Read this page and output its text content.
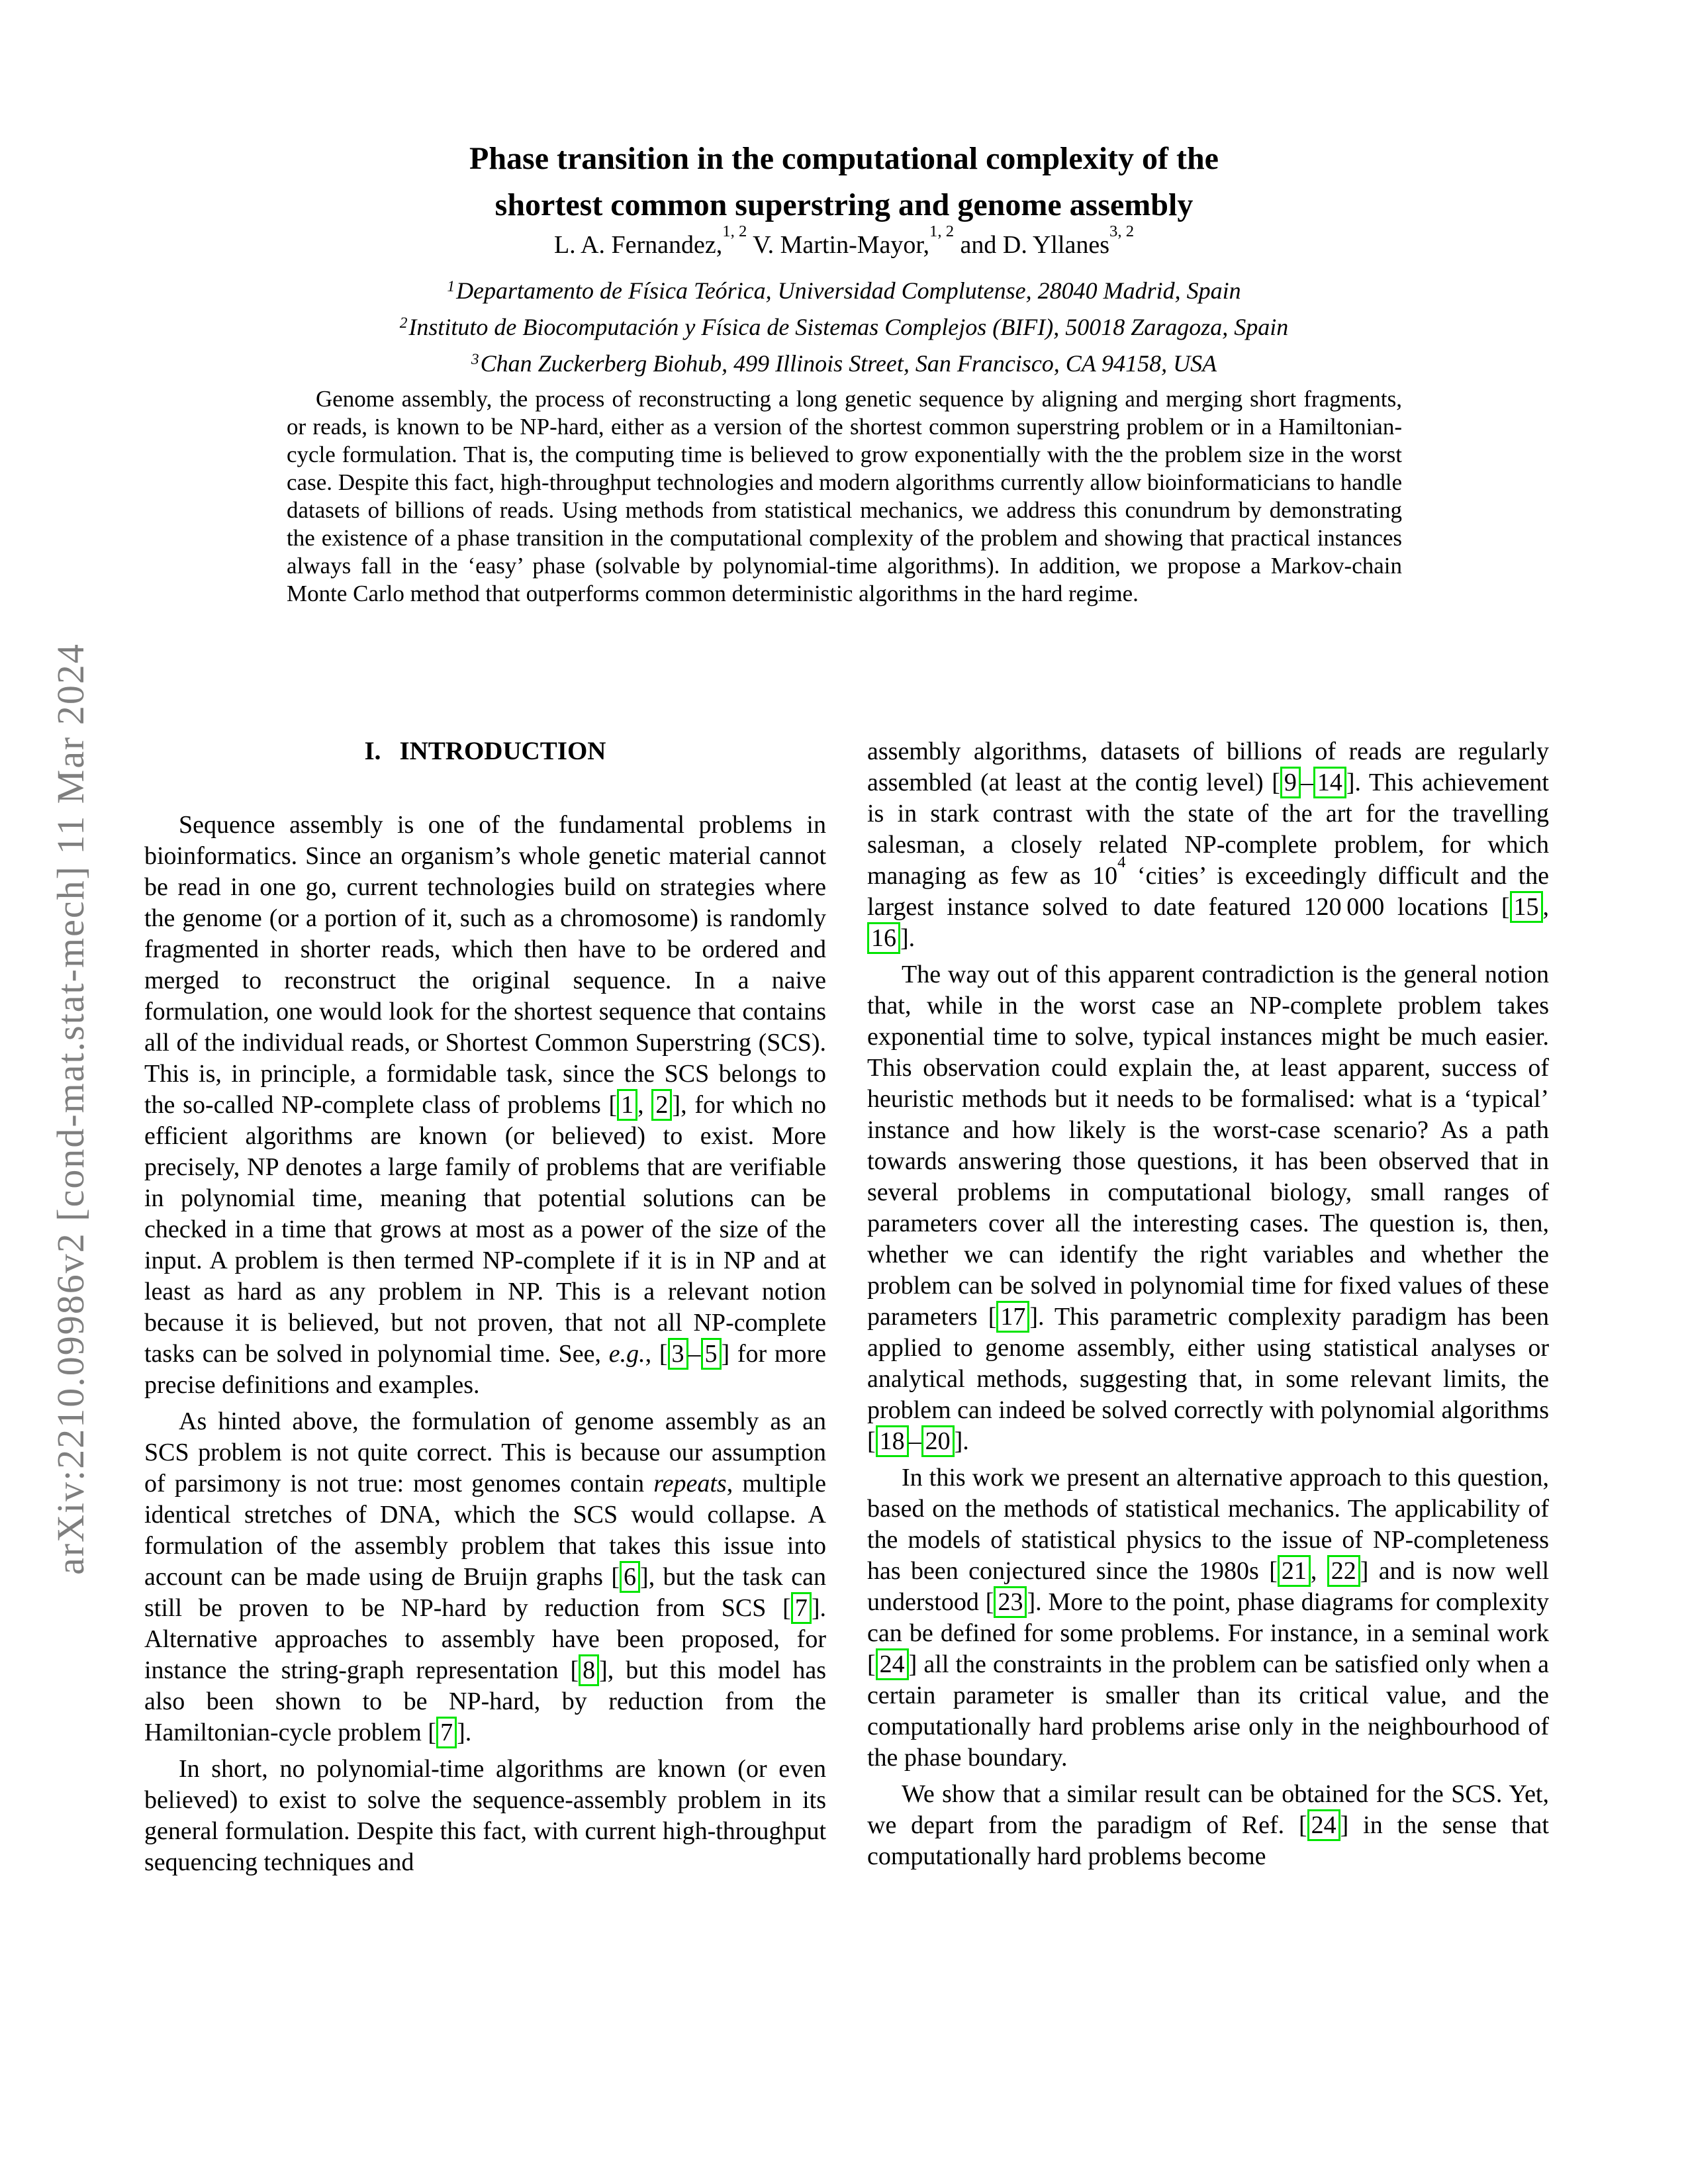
arXiv:2210.09986v2 [cond-mat.stat-mech] 11 Mar 2024
Phase transition in the computational complexity of the
shortest common superstring and genome assembly
L. A. Fernandez,$^{1, 2}$ V. Martin-Mayor,$^{1, 2}$ and D. Yllanes$^{3, 2}$
$^1$Departamento de Física Teórica, Universidad Complutense, 28040 Madrid, Spain
$^2$Instituto de Biocomputación y Física de Sistemas Complejos (BIFI), 50018 Zaragoza, Spain
$^3$Chan Zuckerberg Biohub, 499 Illinois Street, San Francisco, CA 94158, USA
Genome assembly, the process of reconstructing a long genetic sequence by aligning and merging short fragments, or reads, is known to be NP-hard, either as a version of the shortest common superstring problem or in a Hamiltonian-cycle formulation. That is, the computing time is believed to grow exponentially with the the problem size in the worst case. Despite this fact, high-throughput technologies and modern algorithms currently allow bioinformaticians to handle datasets of billions of reads. Using methods from statistical mechanics, we address this conundrum by demonstrating the existence of a phase transition in the computational complexity of the problem and showing that practical instances always fall in the ‘easy’ phase (solvable by polynomial-time algorithms). In addition, we propose a Markov-chain Monte Carlo method that outperforms common deterministic algorithms in the hard regime.
I. INTRODUCTION

Sequence assembly is one of the fundamental problems in bioinformatics. Since an organism’s whole genetic material cannot be read in one go, current technologies build on strategies where the genome (or a portion of it, such as a chromosome) is randomly fragmented in shorter reads, which then have to be ordered and merged to reconstruct the original sequence. In a naive formulation, one would look for the shortest sequence that contains all of the individual reads, or Shortest Common Superstring (SCS). This is, in principle, a formidable task, since the SCS belongs to the so-called NP-complete class of problems [ 1 , 2 ], for which no efficient algorithms are known (or believed) to exist. More precisely, NP denotes a large family of problems that are verifiable in polynomial time, meaning that potential solutions can be checked in a time that grows at most as a power of the size of the input. A problem is then termed NP-complete if it is in NP and at least as hard as any problem in NP. This is a relevant notion because it is believed, but not proven, that not all NP-complete tasks can be solved in polynomial time. See, e.g., [ 3 – 5 ] for more precise definitions and examples.

As hinted above, the formulation of genome assembly as an SCS problem is not quite correct. This is because our assumption of parsimony is not true: most genomes contain repeats, multiple identical stretches of DNA, which the SCS would collapse. A formulation of the assembly problem that takes this issue into account can be made using de Bruijn graphs [ 6 ], but the task can still be proven to be NP-hard by reduction from SCS [ 7 ]. Alternative approaches to assembly have been proposed, for instance the string-graph representation [ 8 ], but this model has also been shown to be NP-hard, by reduction from the Hamiltonian-cycle problem [ 7 ].

In short, no polynomial-time algorithms are known (or even believed) to exist to solve the sequence-assembly problem in its general formulation. Despite this fact, with current high-throughput sequencing techniques and

assembly algorithms, datasets of billions of reads are regularly assembled (at least at the contig level) [ 9 – 14 ]. This achievement is in stark contrast with the state of the art for the travelling salesman, a closely related NP-complete problem, for which managing as few as $10^4$ ‘cities’ is exceedingly difficult and the largest instance solved to date featured 120 000 locations [ 15 , 16 ].

The way out of this apparent contradiction is the general notion that, while in the worst case an NP-complete problem takes exponential time to solve, typical instances might be much easier. This observation could explain the, at least apparent, success of heuristic methods but it needs to be formalised: what is a ‘typical’ instance and how likely is the worst-case scenario? As a path towards answering those questions, it has been observed that in several problems in computational biology, small ranges of parameters cover all the interesting cases. The question is, then, whether we can identify the right variables and whether the problem can be solved in polynomial time for fixed values of these parameters [ 17 ]. This parametric complexity paradigm has been applied to genome assembly, either using statistical analyses or analytical methods, suggesting that, in some relevant limits, the problem can indeed be solved correctly with polynomial algorithms [ 18 – 20 ].

In this work we present an alternative approach to this question, based on the methods of statistical mechanics. The applicability of the models of statistical physics to the issue of NP-completeness has been conjectured since the 1980s [ 21 , 22 ] and is now well understood [ 23 ]. More to the point, phase diagrams for complexity can be defined for some problems. For instance, in a seminal work [ 24 ] all the constraints in the problem can be satisfied only when a certain parameter is smaller than its critical value, and the computationally hard problems arise only in the neighbourhood of the phase boundary.

We show that a similar result can be obtained for the SCS. Yet, we depart from the paradigm of Ref. [ 24 ] in the sense that computationally hard problems become
